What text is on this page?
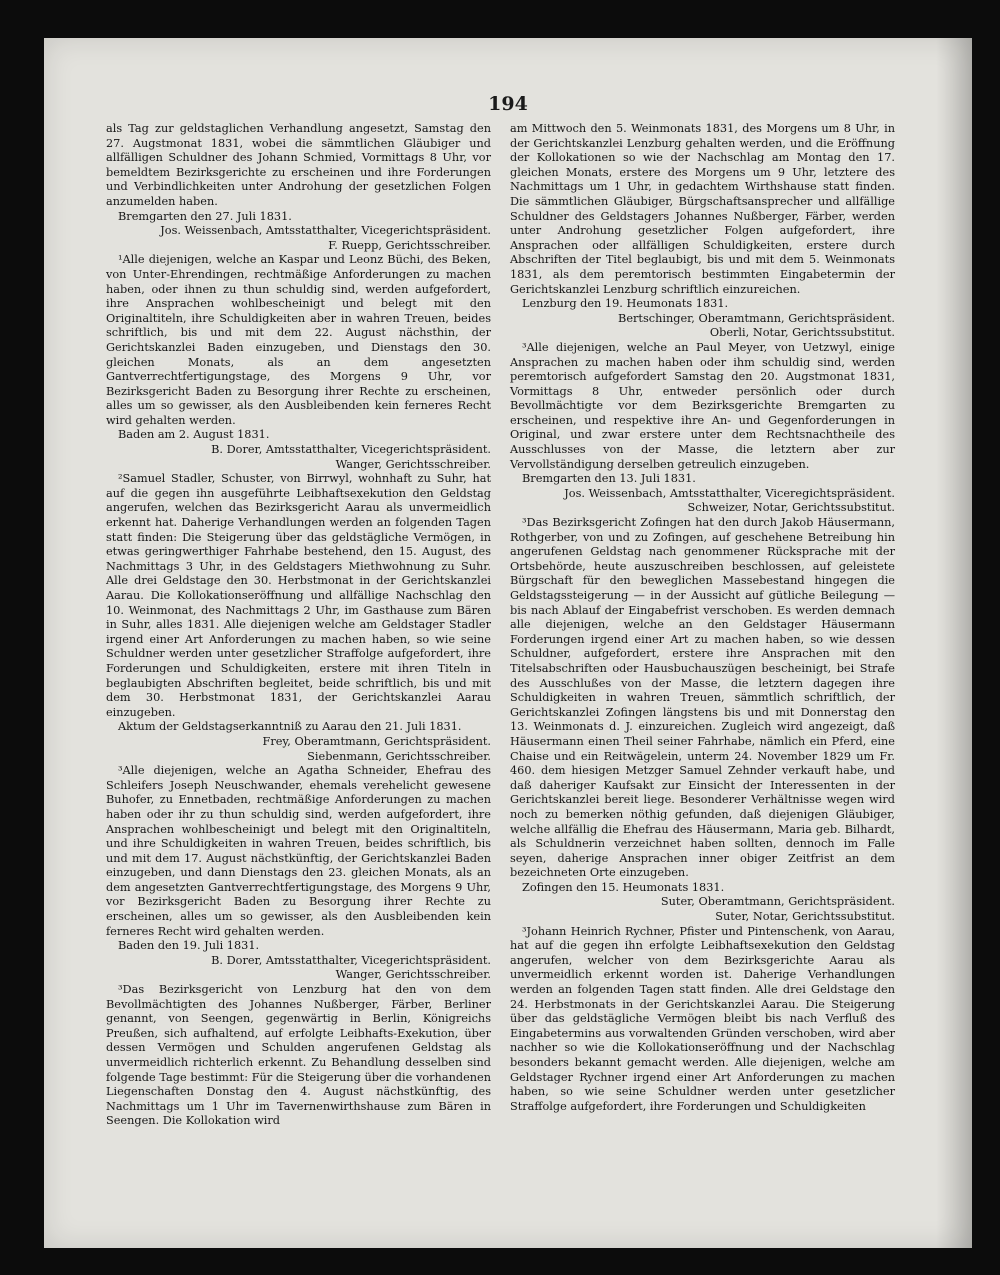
194

als Tag zur geldstaglichen Verhandlung angesetzt, Samstag den 27. Augstmonat 1831, wobei die sämmtlichen Gläubiger und allfälligen Schuldner des Johann Schmied, Vormittags 8 Uhr, vor bemeldtem Bezirksgerichte zu erscheinen und ihre Forderungen und Verbindlichkeiten unter Androhung der gesetzlichen Folgen anzumelden haben.

Bremgarten den 27. Juli 1831.

Jos. Weissenbach, Amtsstatthalter, Vicegerichtspräsident.
F. Ruepp, Gerichtsschreiber.

¹Alle diejenigen, welche an Kaspar und Leonz Büchi, des Beken, von Unter-Ehrendingen, rechtmäßige Anforderungen zu machen haben, oder ihnen zu thun schuldig sind, werden aufgefordert, ihre Ansprachen wohlbescheinigt und belegt mit den Originaltiteln, ihre Schuldigkeiten aber in wahren Treuen, beides schriftlich, bis und mit dem 22. August nächsthin, der Gerichtskanzlei Baden einzugeben, und Dienstags den 30. gleichen Monats, als an dem angesetzten Gantverrechtfertigungstage, des Morgens 9 Uhr, vor Bezirksgericht Baden zu Besorgung ihrer Rechte zu erscheinen, alles um so gewisser, als den Ausbleibenden kein ferneres Recht wird gehalten werden.

Baden am 2. August 1831.

B. Dorer, Amtsstatthalter, Vicegerichtspräsident.
Wanger, Gerichtsschreiber.

²Samuel Stadler, Schuster, von Birrwyl, wohnhaft zu Suhr, hat auf die gegen ihn ausgeführte Leibhaftsexekution den Geldstag angerufen, welchen das Bezirksgericht Aarau als unvermeidlich erkennt hat. Daherige Verhandlungen werden an folgenden Tagen statt finden: Die Steigerung über das geldstägliche Vermögen, in etwas geringwerthiger Fahrhabe bestehend, den 15. August, des Nachmittags 3 Uhr, in des Geldstagers Miethwohnung zu Suhr. Alle drei Geldstage den 30. Herbstmonat in der Gerichtskanzlei Aarau. Die Kollokationseröffnung und allfällige Nachschlag den 10. Weinmonat, des Nachmittags 2 Uhr, im Gasthause zum Bären in Suhr, alles 1831. Alle diejenigen welche am Geldstager Stadler irgend einer Art Anforderungen zu machen haben, so wie seine Schuldner werden unter gesetzlicher Straffolge aufgefordert, ihre Forderungen und Schuldigkeiten, erstere mit ihren Titeln in beglaubigten Abschriften begleitet, beide schriftlich, bis und mit dem 30. Herbstmonat 1831, der Gerichtskanzlei Aarau einzugeben.

Aktum der Geldstagserkanntniß zu Aarau den 21. Juli 1831.

Frey, Oberamtmann, Gerichtspräsident.
Siebenmann, Gerichtsschreiber.

³Alle diejenigen, welche an Agatha Schneider, Ehefrau des Schleifers Joseph Neuschwander, ehemals verehelicht gewesene Buhofer, zu Ennetbaden, rechtmäßige Anforderungen zu machen haben oder ihr zu thun schuldig sind, werden aufgefordert, ihre Ansprachen wohlbescheinigt und belegt mit den Originaltiteln, und ihre Schuldigkeiten in wahren Treuen, beides schriftlich, bis und mit dem 17. August nächstkünftig, der Gerichtskanzlei Baden einzugeben, und dann Dienstags den 23. gleichen Monats, als an dem angesetzten Gantverrechtfertigungstage, des Morgens 9 Uhr, vor Bezirksgericht Baden zu Besorgung ihrer Rechte zu erscheinen, alles um so gewisser, als den Ausbleibenden kein ferneres Recht wird gehalten werden.

Baden den 19. Juli 1831.

B. Dorer, Amtsstatthalter, Vicegerichtspräsident.
Wanger, Gerichtsschreiber.

³Das Bezirksgericht von Lenzburg hat den von dem Bevollmächtigten des Johannes Nußberger, Färber, Berliner genannt, von Seengen, gegenwärtig in Berlin, Königreichs Preußen, sich aufhaltend, auf erfolgte Leibhafts-Exekution, über dessen Vermögen und Schulden angerufenen Geldstag als unvermeidlich richterlich erkennt. Zu Behandlung desselben sind folgende Tage bestimmt: Für die Steigerung über die vorhandenen Liegenschaften Donstag den 4. August nächstkünftig, des Nachmittags um 1 Uhr im Tavernenwirthshause zum Bären in Seengen. Die Kollokation wird

am Mittwoch den 5. Weinmonats 1831, des Morgens um 8 Uhr, in der Gerichtskanzlei Lenzburg gehalten werden, und die Eröffnung der Kollokationen so wie der Nachschlag am Montag den 17. gleichen Monats, erstere des Morgens um 9 Uhr, letztere des Nachmittags um 1 Uhr, in gedachtem Wirthshause statt finden. Die sämmtlichen Gläubiger, Bürgschaftsansprecher und allfällige Schuldner des Geldstagers Johannes Nußberger, Färber, werden unter Androhung gesetzlicher Folgen aufgefordert, ihre Ansprachen oder allfälligen Schuldigkeiten, erstere durch Abschriften der Titel beglaubigt, bis und mit dem 5. Weinmonats 1831, als dem peremtorisch bestimmten Eingabetermin der Gerichtskanzlei Lenzburg schriftlich einzureichen.

Lenzburg den 19. Heumonats 1831.

Bertschinger, Oberamtmann, Gerichtspräsident.
Oberli, Notar, Gerichtssubstitut.

³Alle diejenigen, welche an Paul Meyer, von Uetzwyl, einige Ansprachen zu machen haben oder ihm schuldig sind, werden peremtorisch aufgefordert Samstag den 20. Augstmonat 1831, Vormittags 8 Uhr, entweder persönlich oder durch Bevollmächtigte vor dem Bezirksgerichte Bremgarten zu erscheinen, und respektive ihre An- und Gegenforderungen in Original, und zwar erstere unter dem Rechtsnachtheile des Ausschlusses von der Masse, die letztern aber zur Vervollständigung derselben getreulich einzugeben.

Bremgarten den 13. Juli 1831.

Jos. Weissenbach, Amtsstatthalter, Viceregichtspräsident.
Schweizer, Notar, Gerichtssubstitut.

³Das Bezirksgericht Zofingen hat den durch Jakob Häusermann, Rothgerber, von und zu Zofingen, auf geschehene Betreibung hin angerufenen Geldstag nach genommener Rücksprache mit der Ortsbehörde, heute auszuschreiben beschlossen, auf geleistete Bürgschaft für den beweglichen Massebestand hingegen die Geldstagssteigerung — in der Aussicht auf gütliche Beilegung — bis nach Ablauf der Eingabefrist verschoben. Es werden demnach alle diejenigen, welche an den Geldstager Häusermann Forderungen irgend einer Art zu machen haben, so wie dessen Schuldner, aufgefordert, erstere ihre Ansprachen mit den Titelsabschriften oder Hausbuchauszügen bescheinigt, bei Strafe des Ausschlußes von der Masse, die letztern dagegen ihre Schuldigkeiten in wahren Treuen, sämmtlich schriftlich, der Gerichtskanzlei Zofingen längstens bis und mit Donnerstag den 13. Weinmonats d. J. einzureichen. Zugleich wird angezeigt, daß Häusermann einen Theil seiner Fahrhabe, nämlich ein Pferd, eine Chaise und ein Reitwägelein, unterm 24. November 1829 um Fr. 460. dem hiesigen Metzger Samuel Zehnder verkauft habe, und daß daheriger Kaufsakt zur Einsicht der Interessenten in der Gerichtskanzlei bereit liege. Besonderer Verhältnisse wegen wird noch zu bemerken nöthig gefunden, daß diejenigen Gläubiger, welche allfällig die Ehefrau des Häusermann, Maria geb. Bilhardt, als Schuldnerin verzeichnet haben sollten, dennoch im Falle seyen, daherige Ansprachen inner obiger Zeitfrist an dem bezeichneten Orte einzugeben.

Zofingen den 15. Heumonats 1831.

Suter, Oberamtmann, Gerichtspräsident.
Suter, Notar, Gerichtssubstitut.

³Johann Heinrich Rychner, Pfister und Pintenschenk, von Aarau, hat auf die gegen ihn erfolgte Leibhaftsexekution den Geldstag angerufen, welcher von dem Bezirksgerichte Aarau als unvermeidlich erkennt worden ist. Daherige Verhandlungen werden an folgenden Tagen statt finden. Alle drei Geldstage den 24. Herbstmonats in der Gerichtskanzlei Aarau. Die Steigerung über das geldstägliche Vermögen bleibt bis nach Verfluß des Eingabetermins aus vorwaltenden Gründen verschoben, wird aber nachher so wie die Kollokationseröffnung und der Nachschlag besonders bekannt gemacht werden. Alle diejenigen, welche am Geldstager Rychner irgend einer Art Anforderungen zu machen haben, so wie seine Schuldner werden unter gesetzlicher Straffolge aufgefordert, ihre Forderungen und Schuldigkeiten
